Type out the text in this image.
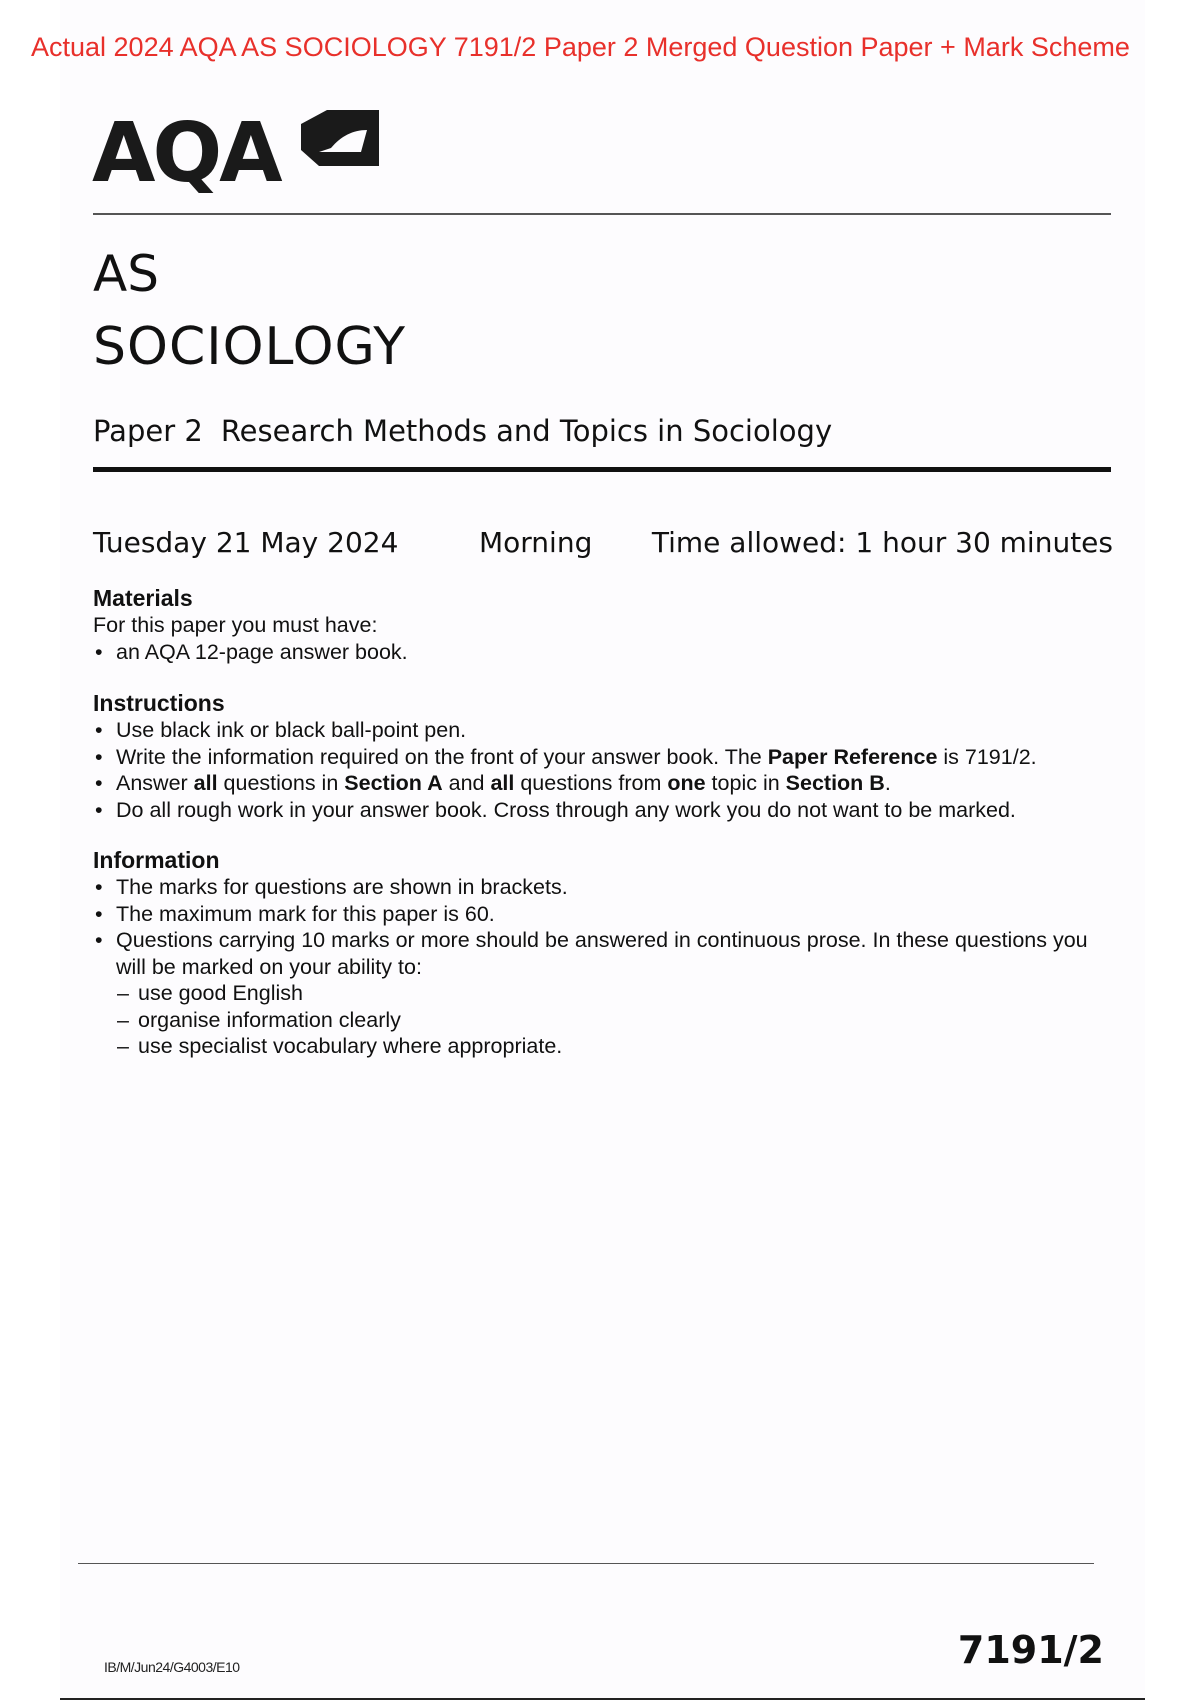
Actual 2024 AQA AS SOCIOLOGY 7191/2 Paper 2 Merged Question Paper + Mark Scheme
AQA
AS
SOCIOLOGY
Paper 2 Research Methods and Topics in Sociology
Tuesday 21 May 2024	Morning Time allowed: 1 hour 30 minutes
Materials

For this paper you must have:

• an AQA 12-page answer book.
Instructions
• Use black ink or black ball-point pen.
• Write the information required on the front of your answer book. The Paper Reference is 7191/2.
• Answer all questions in Section A and all questions from one topic in Section B.
• Do all rough work in your answer book. Cross through any work you do not want to be marked.
Information
• The marks for questions are shown in brackets.
• The maximum mark for this paper is 60.
• Questions carrying 10 marks or more should be answered in continuous prose. In these questions you will be marked on your ability to:
– use good English
– organise information clearly
– use specialist vocabulary where appropriate.
IB/M/Jun24/G4003/E10	7191/2
